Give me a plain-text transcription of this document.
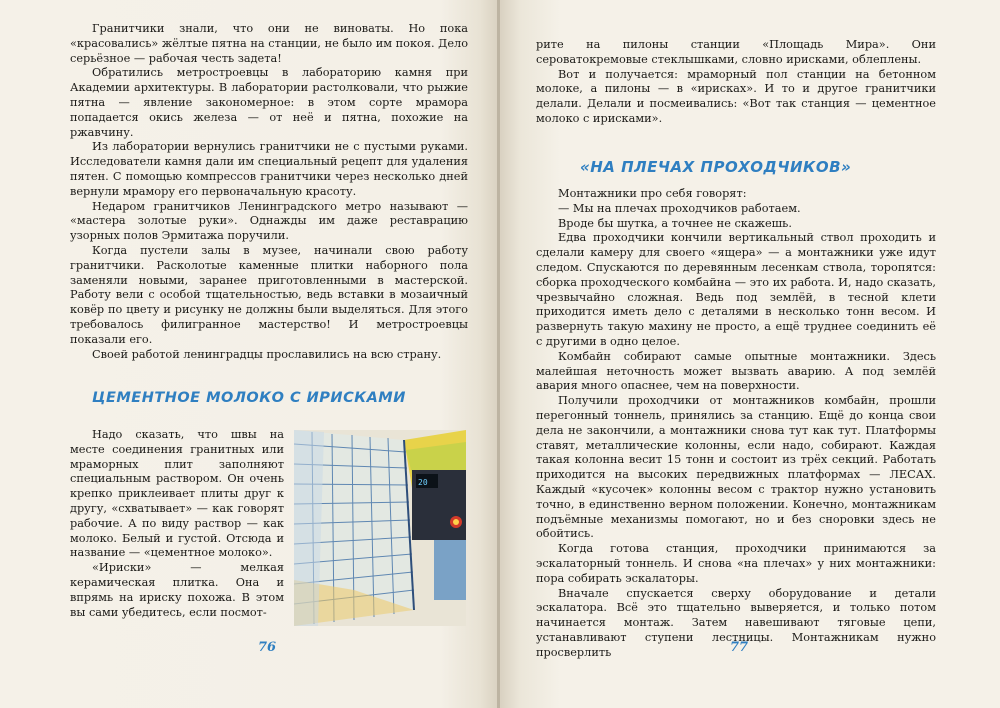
Гранитчики знали, что они не виноваты. Но пока «красовались» жёлтые пятна на станции, не было им покоя. Дело серьёзное — рабочая честь задета!

Обратились метростроевцы в лабораторию камня при Академии архитектуры. В лаборатории растолковали, что рыжие пятна — явление закономерное: в этом сорте мрамора попадается окись железа — от неё и пятна, похожие на ржавчину.

Из лаборатории вернулись гранитчики не с пустыми руками. Исследователи камня дали им специальный рецепт для удаления пятен. С помощью компрессов гранитчики через несколько дней вернули мрамору его первоначальную красоту.

Недаром гранитчиков Ленинградского метро называют — «мастера золотые руки». Однажды им даже реставрацию узорных полов Эрмитажа поручили.

Когда пустели залы в музее, начинали свою работу гранитчики. Расколотые каменные плитки наборного пола заменяли новыми, заранее приготовленными в мастерской. Работу вели с особой тщательностью, ведь вставки в мозаичный ковёр по цвету и рисунку не должны были выделяться. Для этого требовалось филигранное мастерство! И метростроевцы показали его.

Своей работой ленинградцы прославились на всю страну.

ЦЕМЕНТНОЕ МОЛОКО С ИРИСКАМИ

Надо сказать, что швы на месте соединения гранитных или мраморных плит заполняют специальным раствором. Он очень крепко приклеивает плиты друг к другу, «схватывает» — как говорят рабочие. А по виду раствор — как молоко. Белый и густой. Отсюда и название — «цементное молоко».

«Ириски» — мелкая керамическая плитка. Она и впрямь на ириску похожа. В этом вы сами убедитесь, если посмот-

20
76

рите на пилоны станции «Площадь Мира». Они сероватокремовые стеклышками, словно ирисками, облеплены.

Вот и получается: мраморный пол станции на бетонном молоке, а пилоны — в «ирисках». И то и другое гранитчики делали. Делали и посмеивались: «Вот так станция — цементное молоко с ирисками».

«НА ПЛЕЧАХ ПРОХОДЧИКОВ»

Монтажники про себя говорят:

— Мы на плечах проходчиков работаем.

Вроде бы шутка, а точнее не скажешь.

Едва проходчики кончили вертикальный ствол проходить и сделали камеру для своего «ящера» — а монтажники уже идут следом. Спускаются по деревянным лесенкам ствола, торопятся: сборка проходческого комбайна — это их работа. И, надо сказать, чрезвычайно сложная. Ведь под землёй, в тесной клети приходится иметь дело с деталями в несколько тонн весом. И развернуть такую махину не просто, а ещё труднее соединить её с другими в одно целое.

Комбайн собирают самые опытные монтажники. Здесь малейшая неточность может вызвать аварию. А под землёй авария много опаснее, чем на поверхности.

Получили проходчики от монтажников комбайн, прошли перегонный тоннель, принялись за станцию. Ещё до конца свои дела не закончили, а монтажники снова тут как тут. Платформы ставят, металлические колонны, если надо, собирают. Каждая такая колонна весит 15 тонн и состоит из трёх секций. Работать приходится на высоких передвижных платформах — ЛЕСАХ. Каждый «кусочек» колонны весом с трактор нужно установить точно, в единственно верном положении. Конечно, монтажникам подъёмные механизмы помогают, но и без сноровки здесь не обойтись.

Когда готова станция, проходчики принимаются за эскалаторный тоннель. И снова «на плечах» у них монтажники: пора собирать эскалаторы.

Вначале спускается сверху оборудование и детали эскалатора. Всё это тщательно выверяется, и только потом начинается монтаж. Затем навешивают тяговые цепи, устанавливают ступени лестницы. Монтажникам нужно просверлить	77
